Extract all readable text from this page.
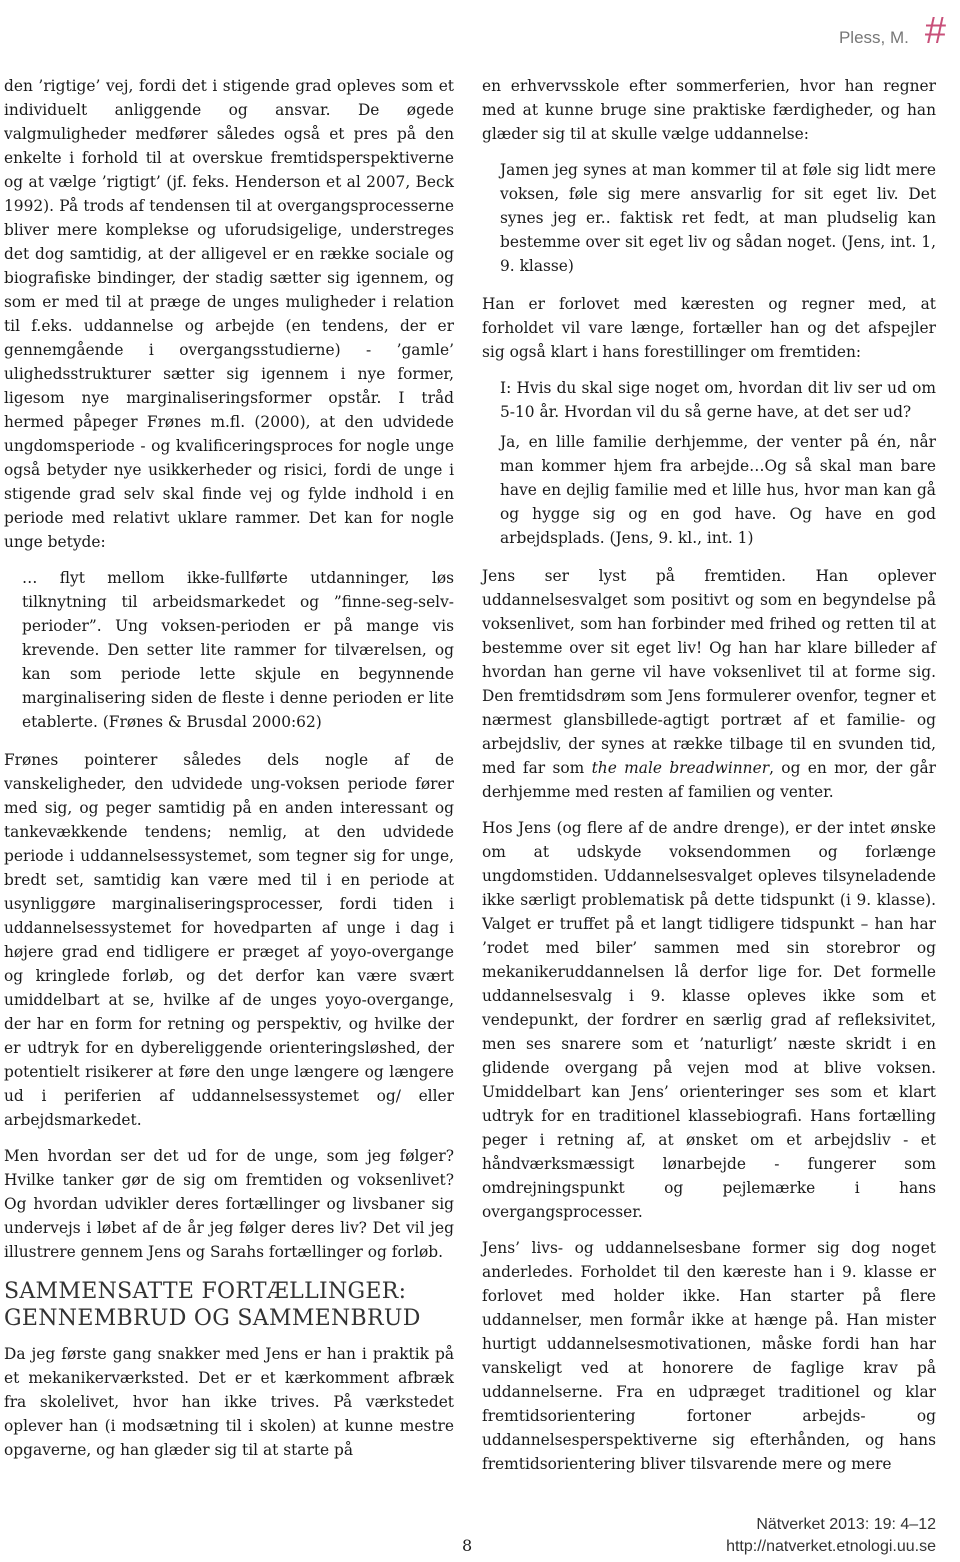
Pless, M. #

den ’rigtige’ vej, fordi det i stigende grad opleves som et individuelt anliggende og ansvar. De øgede valgmuligheder medfører således også et pres på den enkelte i forhold til at overskue fremtidsperspektiverne og at vælge ’rigtigt’ (jf. feks. Henderson et al 2007, Beck 1992). På trods af tendensen til at overgangsprocesserne bliver mere komplekse og uforudsigelige, understreges det dog samtidig, at der alligevel er en række sociale og biografiske bindinger, der stadig sætter sig igennem, og som er med til at præge de unges muligheder i relation til f.eks. uddannelse og arbejde (en tendens, der er gennemgående i overgangsstudierne) - ’gamle’ ulighedsstrukturer sætter sig igennem i nye former, ligesom nye marginaliseringsformer opstår. I tråd hermed påpeger Frønes m.fl. (2000), at den udvidede ungdomsperiode - og kvalificeringsproces for nogle unge også betyder nye usikkerheder og risici, fordi de unge i stigende grad selv skal finde vej og fylde indhold i en periode med relativt uklare rammer. Det kan for nogle unge betyde:

… flyt mellom ikke-fullførte utdanninger, løs tilknytning til arbeidsmarkedet og ”finne-seg-selv-perioder”. Ung voksen-perioden er på mange vis krevende. Den setter lite rammer for tilværelsen, og kan som periode lette skjule en begynnende marginalisering siden de fleste i denne perioden er lite etablerte. (Frønes & Brusdal 2000:62)

Frønes pointerer således dels nogle af de vanskeligheder, den udvidede ung-voksen periode fører med sig, og peger samtidig på en anden interessant og tankevækkende tendens; nemlig, at den udvidede periode i uddannelsessystemet, som tegner sig for unge, bredt set, samtidig kan være med til i en periode at usynliggøre marginaliseringsprocesser, fordi tiden i uddannelsessystemet for hovedparten af unge i dag i højere grad end tidligere er præget af yoyo-overgange og kringlede forløb, og det derfor kan være svært umiddelbart at se, hvilke af de unges yoyo-overgange, der har en form for retning og perspektiv, og hvilke der er udtryk for en dybereliggende orienteringsløshed, der potentielt risikerer at føre den unge længere og længere ud i periferien af uddannelsessystemet og/ eller arbejdsmarkedet.

Men hvordan ser det ud for de unge, som jeg følger? Hvilke tanker gør de sig om fremtiden og voksenlivet? Og hvordan udvikler deres fortællinger og livsbaner sig undervejs i løbet af de år jeg følger deres liv? Det vil jeg illustrere gennem Jens og Sarahs fortællinger og forløb.

SAMMENSATTE FORTÆLLINGER: GENNEMBRUD OG SAMMENBRUD

Da jeg første gang snakker med Jens er han i praktik på et mekanikerværksted. Det er et kærkomment afbræk fra skolelivet, hvor han ikke trives. På værkstedet oplever han (i modsætning til i skolen) at kunne mestre opgaverne, og han glæder sig til at starte på

en erhvervsskole efter sommerferien, hvor han regner med at kunne bruge sine praktiske færdigheder, og han glæder sig til at skulle vælge uddannelse:

Jamen jeg synes at man kommer til at føle sig lidt mere voksen, føle sig mere ansvarlig for sit eget liv. Det synes jeg er.. faktisk ret fedt, at man pludselig kan bestemme over sit eget liv og sådan noget. (Jens, int. 1, 9. klasse)

Han er forlovet med kæresten og regner med, at forholdet vil vare længe, fortæller han og det afspejler sig også klart i hans forestillinger om fremtiden:

I: Hvis du skal sige noget om, hvordan dit liv ser ud om 5-10 år. Hvordan vil du så gerne have, at det ser ud?

Ja, en lille familie derhjemme, der venter på én, når man kommer hjem fra arbejde…Og så skal man bare have en dejlig familie med et lille hus, hvor man kan gå og hygge sig og en god have. Og have en god arbejdsplads. (Jens, 9. kl., int. 1)

Jens ser lyst på fremtiden. Han oplever uddannelsesvalget som positivt og som en begyndelse på voksenlivet, som han forbinder med frihed og retten til at bestemme over sit eget liv! Og han har klare billeder af hvordan han gerne vil have voksenlivet til at forme sig. Den fremtidsdrøm som Jens formulerer ovenfor, tegner et nærmest glansbillede-agtigt portræt af et familie- og arbejdsliv, der synes at række tilbage til en svunden tid, med far som the male breadwinner, og en mor, der går derhjemme med resten af familien og venter.

Hos Jens (og flere af de andre drenge), er der intet ønske om at udskyde voksendommen og forlænge ungdomstiden. Uddannelsesvalget opleves tilsyneladende ikke særligt problematisk på dette tidspunkt (i 9. klasse). Valget er truffet på et langt tidligere tidspunkt – han har ’rodet med biler’ sammen med sin storebror og mekanikeruddannelsen lå derfor lige for. Det formelle uddannelsesvalg i 9. klasse opleves ikke som et vendepunkt, der fordrer en særlig grad af refleksivitet, men ses snarere som et ’naturligt’ næste skridt i en glidende overgang på vejen mod at blive voksen. Umiddelbart kan Jens’ orienteringer ses som et klart udtryk for en traditionel klassebiografi. Hans fortælling peger i retning af, at ønsket om et arbejdsliv - et håndværksmæssigt lønarbejde - fungerer som omdrejningspunkt og pejlemærke i hans overgangsprocesser.

Jens’ livs- og uddannelsesbane former sig dog noget anderledes. Forholdet til den kæreste han i 9. klasse er forlovet med holder ikke. Han starter på flere uddannelser, men formår ikke at hænge på. Han mister hurtigt uddannelsesmotivationen, måske fordi han har vanskeligt ved at honorere de faglige krav på uddannelserne. Fra en udpræget traditionel og klar fremtidsorientering fortoner arbejds- og uddannelsesperspektiverne sig efterhånden, og hans fremtidsorientering bliver tilsvarende mere og mere

8
Nätverket 2013: 19: 4–12
http://natverket.etnologi.uu.se
